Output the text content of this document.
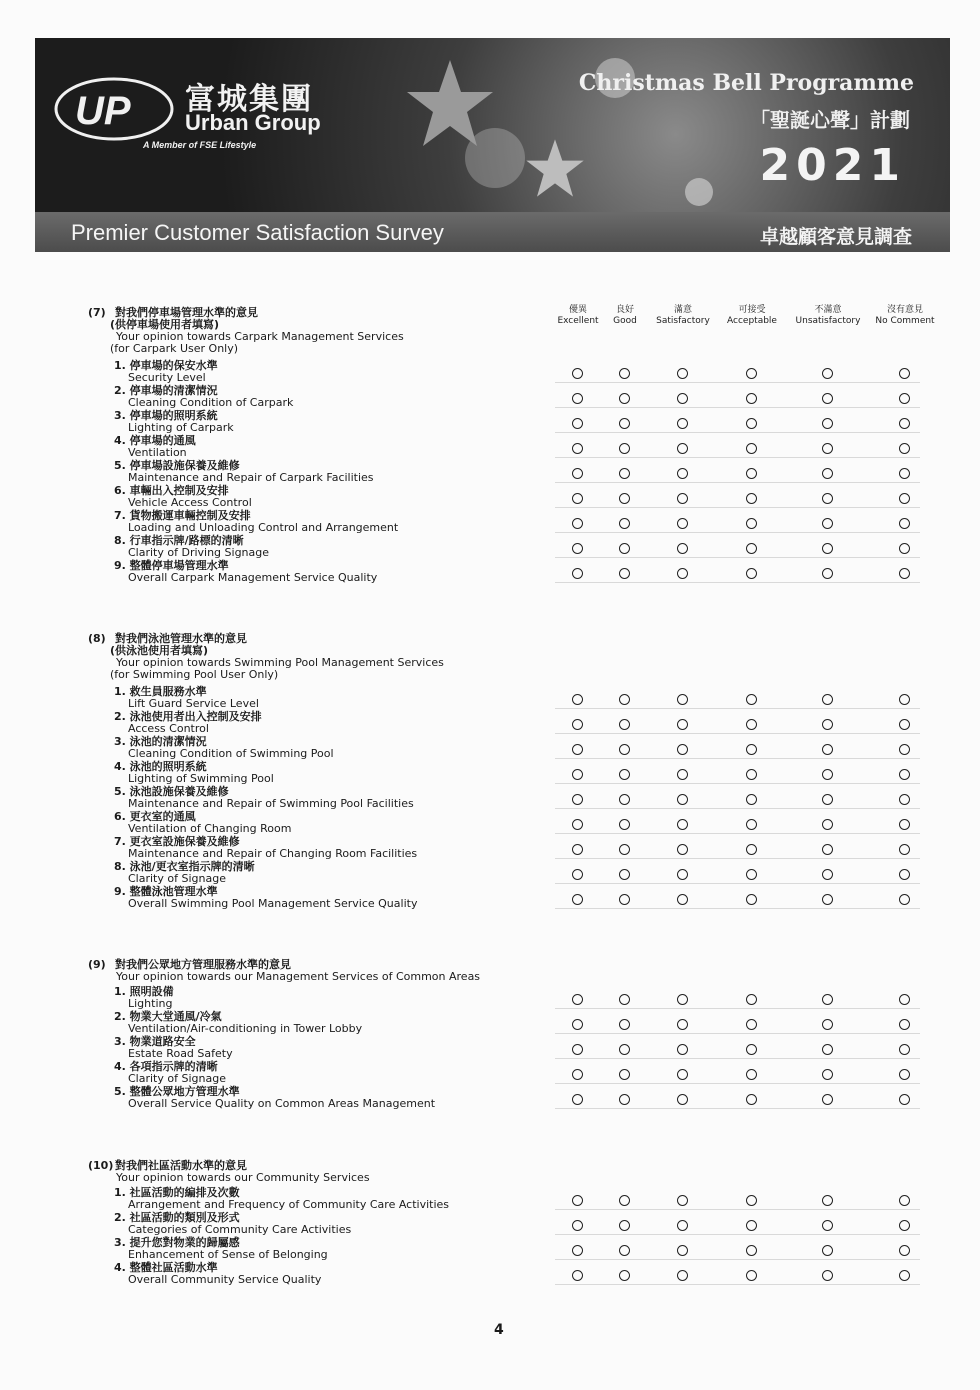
UP 富城集團
Urban Group
A Member of FSE Lifestyle
Christmas Bell Programme
「聖誕心聲」計劃
2021
Premier Customer Satisfaction Survey	卓越顧客意見調查
優異
Excellent
良好
Good
滿意
Satisfactory
可接受
Acceptable
不滿意
Unsatisfactory
沒有意見
No Comment
(7) 對我們停車場管理水準的意見
(供停車場使用者填寫)
Your opinion towards Carpark Management Services
(for Carpark User Only)
1. 停車場的保安水準
Security Level
2. 停車場的清潔情況
Cleaning Condition of Carpark
3. 停車場的照明系統
Lighting of Carpark
4. 停車場的通風
Ventilation
5. 停車場設施保養及維修
Maintenance and Repair of Carpark Facilities
6. 車輛出入控制及安排
Vehicle Access Control
7. 貨物搬運車輛控制及安排
Loading and Unloading Control and Arrangement
8. 行車指示牌/路標的清晰
Clarity of Driving Signage
9. 整體停車場管理水準
Overall Carpark Management Service Quality
(8) 對我們泳池管理水準的意見
(供泳池使用者填寫)
Your opinion towards Swimming Pool Management Services
(for Swimming Pool User Only)
1. 救生員服務水準
Lift Guard Service Level
2. 泳池使用者出入控制及安排
Access Control
3. 泳池的清潔情況
Cleaning Condition of Swimming Pool
4. 泳池的照明系統
Lighting of Swimming Pool
5. 泳池設施保養及維修
Maintenance and Repair of Swimming Pool Facilities
6. 更衣室的通風
Ventilation of Changing Room
7. 更衣室設施保養及維修
Maintenance and Repair of Changing Room Facilities
8. 泳池/更衣室指示牌的清晰
Clarity of Signage
9. 整體泳池管理水準
Overall Swimming Pool Management Service Quality
(9) 對我們公眾地方管理服務水準的意見
Your opinion towards our Management Services of Common Areas
1. 照明設備
Lighting
2. 物業大堂通風/冷氣
Ventilation/Air-conditioning in Tower Lobby
3. 物業道路安全
Estate Road Safety
4. 各項指示牌的清晰
Clarity of Signage
5. 整體公眾地方管理水準
Overall Service Quality on Common Areas Management
(10) 對我們社區活動水準的意見
Your opinion towards our Community Services
1. 社區活動的編排及次數
Arrangement and Frequency of Community Care Activities
2. 社區活動的類別及形式
Categories of Community Care Activities
3. 提升您對物業的歸屬感
Enhancement of Sense of Belonging
4. 整體社區活動水準
Overall Community Service Quality
4
